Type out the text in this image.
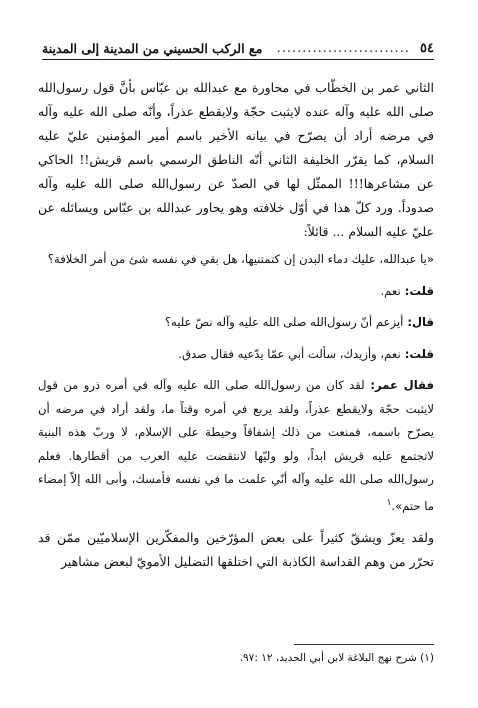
٥٤
..........................
مع الركب الحسيني من المدينة إلى المدينة

الثاني عمر بن الخطّاب في محاورة مع عبدالله بن عبّاس بأنَّ قول رسول‌الله صلى الله عليه وآله عنده لايثبت حجّة ولايقطع عذراً، وأنّه صلى الله عليه وآله في مرضه أراد أن يصرّح في بيانه الأخير باسم أمير المؤمنين عليّ عليه السلام، كما يقرّر الخليفة الثاني أنّه الناطق الرسمي باسم قريش!! الحاكي عن مشاعرها!!! الممثّل لها في الصدّ عن رسول‌الله صلى الله عليه وآله صدوداً. ورد كلّ هذا في أوّل خلافته وهو يحاور عبدالله بن عبّاس ويسائله عن عليّ عليه السلام ... قائلاً:

«يا عبدالله، عليك دماء البدن إن كتمتنيها، هل بقي في نفسه شئ من أمر الخلافة؟

قلت: نعم.

قال: أيزعم أنّ رسول‌الله صلى الله عليه وآله نصّ عليه؟

قلت: نعم، وأزيدك، سألت أبي عمّا يدّعيه فقال صدق.

فقال عمر: لقد كان من رسول‌الله صلى الله عليه وآله في أمره ذرو من قول لايثبت حجّة ولايقطع عذراً، ولقد يربع في أمره وقتاً ما، ولقد أراد في مرضه أن يصرّح باسمه، فمنعت من ذلك إشفاقاً وحيطة على الإسلام، لا وربّ هذه البنية لاتجتمع عليه قريش ابداً، ولو وليّها لانتقضت عليه العرب من أقطارها. فعلم رسول‌الله صلى الله عليه وآله أنّي علمت ما في نفسه فأمسك، وأبى الله إلاّ إمضاء ما حتم».$^١$

ولقد يعزّ ويشقّ كثيراً على بعض المؤرّخين والمفكّرين الإسلاميّين ممّن قد تحرّر من وهم القداسة الكاذبة التي اختلقها التضليل الأمويّ لبعض مشاهير

(١) شرح نهج البلاغة لابن أبي الحديد، ١٢ :٩٧.
